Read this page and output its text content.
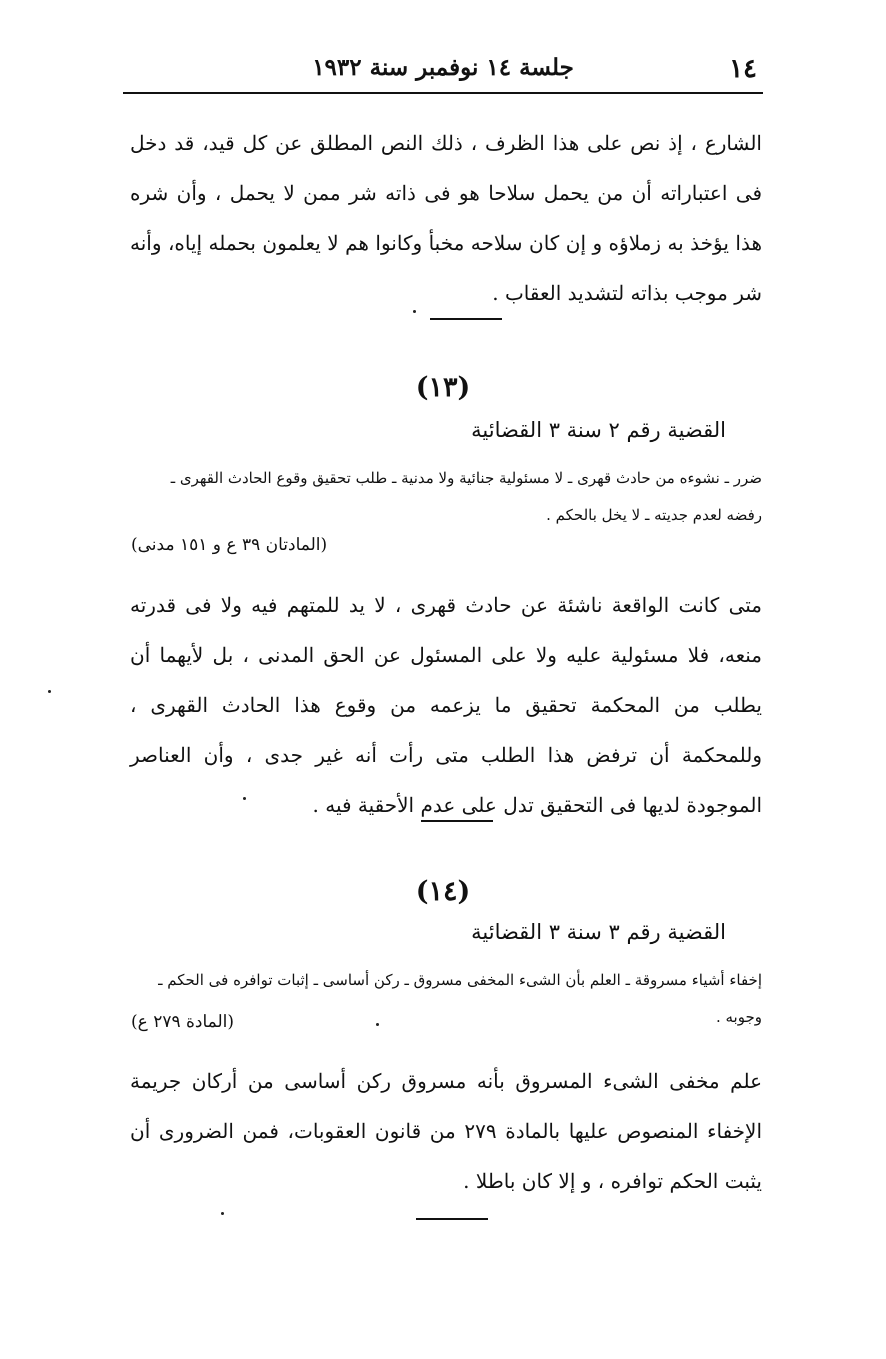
١٤
جلسة ١٤ نوفمبر سنة ١٩٣٢

الشارع ، إذ نص على هذا الظرف ، ذلك النص المطلق عن كل قيد، قد دخل فى اعتباراته أن من يحمل سلاحا هو فى ذاته شر ممن لا يحمل ، وأن شره هذا يؤخذ به زملاؤه و إن كان سلاحه مخبأ وكانوا هم لا يعلمون بحمله إياه، وأنه شر موجب بذاته لتشديد العقاب .

(١٣)
القضية رقم ٢ سنة ٣ القضائية
ضرر ـ نشوءه من حادث قهرى ـ لا مسئولية جنائية ولا مدنية ـ طلب تحقيق وقوع الحادث القهرى ـ
رفضه لعدم جديته ـ لا يخل بالحكم .
(المادتان ٣٩ ع و ١٥١ مدنى)

متى كانت الواقعة ناشئة عن حادث قهرى ، لا يد للمتهم فيه ولا فى قدرته منعه، فلا مسئولية عليه ولا على المسئول عن الحق المدنى ، بل لأيهما أن يطلب من المحكمة تحقيق ما يزعمه من وقوع هذا الحادث القهرى ، وللمحكمة أن ترفض هذا الطلب متى رأت أنه غير جدى ، وأن العناصر الموجودة لديها فى التحقيق تدل على عدم الأحقية فيه .

(١٤)
القضية رقم ٣ سنة ٣ القضائية
إخفاء أشياء مسروقة ـ العلم بأن الشىء المخفى مسروق ـ ركن أساسى ـ إثبات توافره فى الحكم ـ
وجوبه .
(المادة ٢٧٩ ع)

علم مخفى الشىء المسروق بأنه مسروق ركن أساسى من أركان جريمة الإخفاء المنصوص عليها بالمادة ٢٧٩ من قانون العقوبات، فمن الضرورى أن يثبت الحكم توافره ، و إلا كان باطلا .
